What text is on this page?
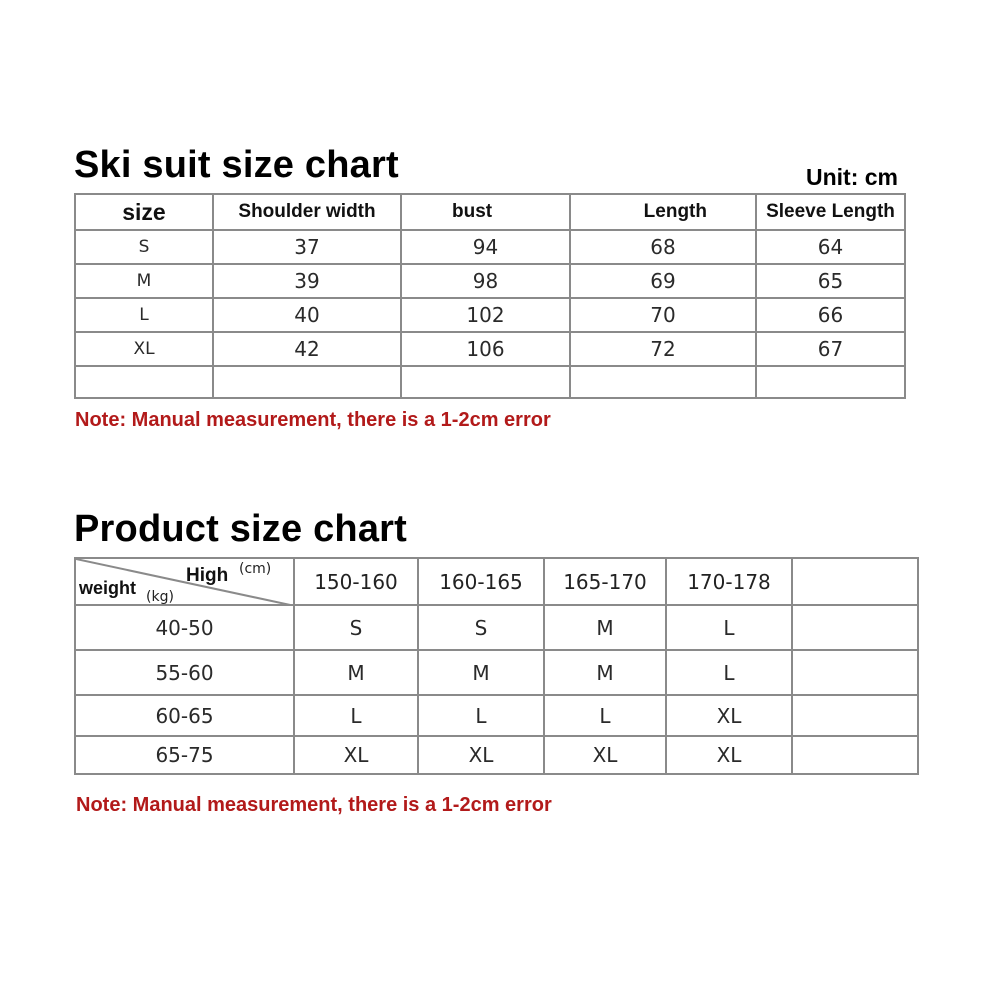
Ski suit size chart	Unit: cm
size	Shoulder width	bust	Length	Sleeve Length
S	37	94	68	64
M	39	98	69	65
L	40	102	70	66
XL	42	106	72	67

Note: Manual measurement, there is a 1-2cm error
Product size chart
High (cm)
weight (kg)	150-160	160-165	165-170	170-178	
40-50	S	S	M	L	
55-60	M	M	M	L	
60-65	L	L	L	XL	
65-75	XL	XL	XL	XL	
Note: Manual measurement, there is a 1-2cm error
